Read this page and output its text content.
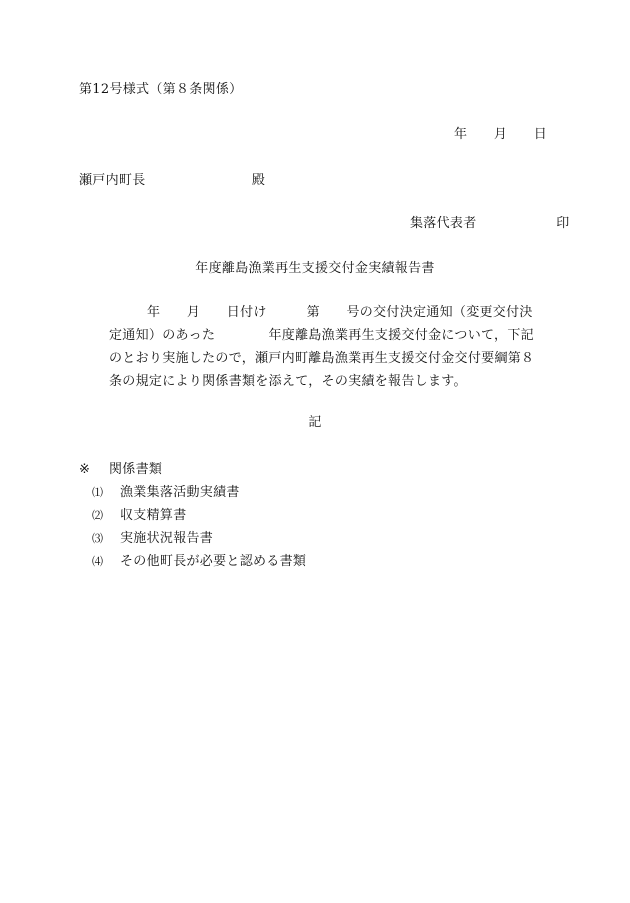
第12号様式（第８条関係）
年　　月　　日
瀬戸内町長　　　　　　　　殿
集落代表者　　　　　　印
年度離島漁業再生支援交付金実績報告書
年　　月　　日付け　　　第　　号の交付決定通知（変更交付決
定通知）のあった　　　　年度離島漁業再生支援交付金について，下記
のとおり実施したので，瀬戸内町離島漁業再生支援交付金交付要綱第８
条の規定により関係書類を添えて，その実績を報告します。
記
※ 関係書類
⑴ 漁業集落活動実績書
⑵ 収支精算書
⑶ 実施状況報告書
⑷ その他町長が必要と認める書類
